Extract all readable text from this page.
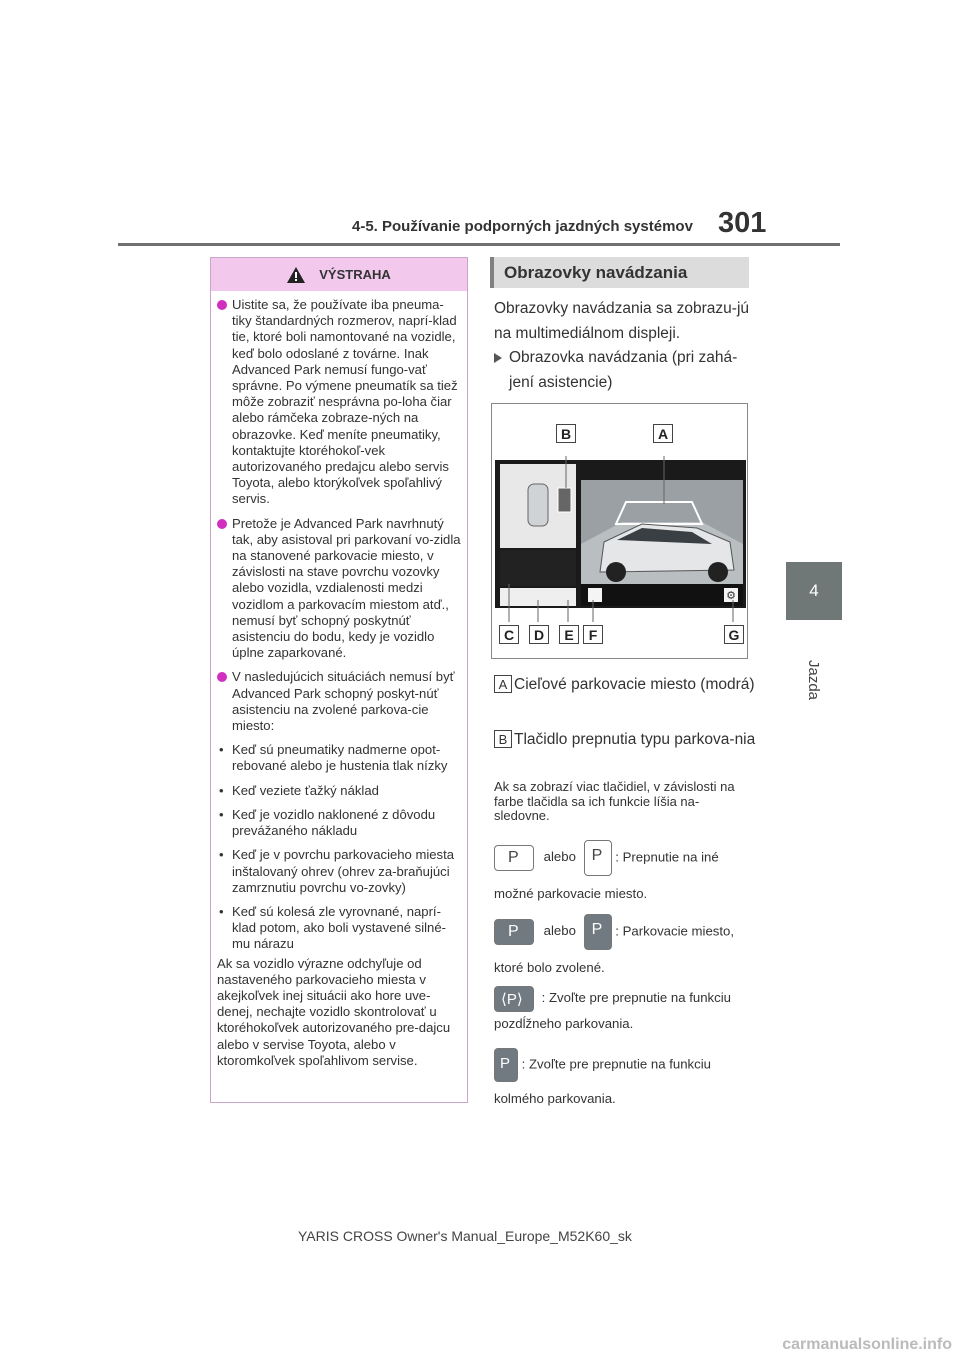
4-5. Používanie podporných jazdných systémov 301
4
Jazda
VÝSTRAHA
Uistite sa, že používate iba pneuma-tiky štandardných rozmerov, naprí-klad tie, ktoré boli namontované na vozidle, keď bolo odoslané z továrne. Inak Advanced Park nemusí fungo-vať správne. Po výmene pneumatík sa tiež môže zobraziť nesprávna po-loha čiar alebo rámčeka zobraze-ných na obrazovke. Keď meníte pneumatiky, kontaktujte ktoréhokoľ-vek autorizovaného predajcu alebo servis Toyota, alebo ktorýkoľvek spoľahlivý servis.
Pretože je Advanced Park navrhnutý tak, aby asistoval pri parkovaní vo-zidla na stanovené parkovacie miesto, v závislosti na stave povrchu vozovky alebo vozidla, vzdialenosti medzi vozidlom a parkovacím miestom atď., nemusí byť schopný poskytnúť asistenciu do bodu, kedy je vozidlo úplne zaparkované.
V nasledujúcich situáciách nemusí byť Advanced Park schopný poskyt-núť asistenciu na zvolené parkova-cie miesto:
• Keď sú pneumatiky nadmerne opot-rebované alebo je hustenia tlak nízky
• Keď veziete ťažký náklad
• Keď je vozidlo naklonené z dôvodu prevážaného nákladu
• Keď je v povrchu parkovacieho miesta inštalovaný ohrev (ohrev za-braňujúci zamrznutiu povrchu vo-zovky)
• Keď sú kolesá zle vyrovnané, naprí-klad potom, ako boli vystavené silné-mu nárazu
Ak sa vozidlo výrazne odchyľuje od nastaveného parkovacieho miesta v akejkoľvek inej situácii ako hore uve-denej, nechajte vozidlo skontrolovať u ktoréhokoľvek autorizovaného pre-dajcu alebo v servise Toyota, alebo v ktoromkoľvek spoľahlivom servise.
Obrazovky navádzania
Obrazovky navádzania sa zobrazu-jú na multimediálnom displeji.
Obrazovka navádzania (pri zahá-jení asistencie)
⚙
B	A
C	D	E	F	G
A Cieľové parkovacie miesto (modrá)
B Tlačidlo prepnutia typu parkova-nia
Ak sa zobrazí viac tlačidiel, v závislosti na farbe tlačidla sa ich funkcie líšia na-sledovne.
P alebo P : Prepnutie na iné
možné parkovacie miesto.
P alebo P : Parkovacie miesto,
ktoré bolo zvolené.
⟨P⟩ : Zvoľte pre prepnutie na funkciu
pozdĺžneho parkovania.
P : Zvoľte pre prepnutie na funkciu
kolmého parkovania.
YARIS CROSS Owner's Manual_Europe_M52K60_sk
carmanualsonline.info
